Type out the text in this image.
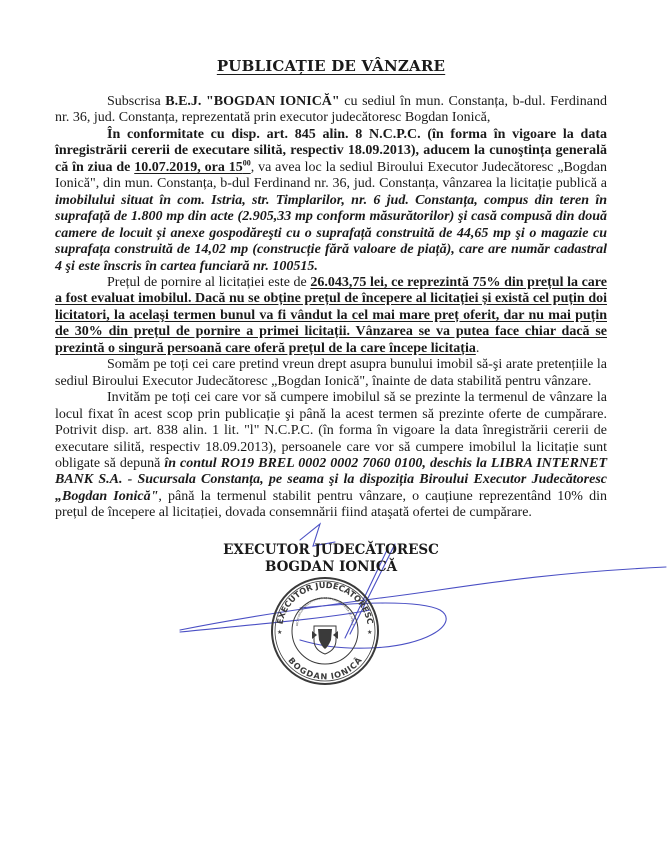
PUBLICAȚIE DE VÂNZARE

Subscrisa B.E.J. "BOGDAN IONICĂ" cu sediul în mun. Constanța, b-dul. Ferdinand nr. 36, jud. Constanța, reprezentată prin executor judecătoresc Bogdan Ionică,

În conformitate cu disp. art. 845 alin. 8 N.C.P.C. (în forma în vigoare la data înregistrării cererii de executare silită, respectiv 18.09.2013), aducem la cunoştința generală că în ziua de 10.07.2019, ora $15^{00}$, va avea loc la sediul Biroului Executor Judecătoresc „Bogdan Ionică", din mun. Constanța, b-dul Ferdinand nr. 36, jud. Constanța, vânzarea la licitație publică a imobilului situat în com. Istria, str. Timplarilor, nr. 6 jud. Constanța, compus din teren în suprafață de 1.800 mp din acte (2.905,33 mp conform măsurătorilor) şi casă compusă din două camere de locuit și anexe gospodăreşti cu o suprafață construită de 44,65 mp şi o magazie cu suprafața construită de 14,02 mp (construcție fără valoare de piață), care are număr cadastral 4 şi este înscris în cartea funciară nr. 100515.

Prețul de pornire al licitației este de 26.043,75 lei, ce reprezintă 75% din prețul la care a fost evaluat imobilul. Dacă nu se obține prețul de începere al licitației și există cel puțin doi licitatori, la acelaşi termen bunul va fi vândut la cel mai mare preț oferit, dar nu mai puțin de 30% din prețul de pornire a primei licitații. Vânzarea se va putea face chiar dacă se prezintă o singură persoană care oferă prețul de la care începe licitația.

Somăm pe toți cei care pretind vreun drept asupra bunului imobil să-şi arate pretențiile la sediul Biroului Executor Judecătoresc „Bogdan Ionică", înainte de data stabilită pentru vânzare.

Invităm pe toți cei care vor să cumpere imobilul să se prezinte la termenul de vânzare la locul fixat în acest scop prin publicație şi până la acest termen să prezinte oferte de cumpărare. Potrivit disp. art. 838 alin. 1 lit. "l" N.C.P.C. (în forma în vigoare la data înregistrării cererii de executare silită, respectiv 18.09.2013), persoanele care vor să cumpere imobilul la licitație sunt obligate să depună în contul RO19 BREL 0002 0002 7060 0100, deschis la LIBRA INTERNET BANK S.A. - Sucursala Constanța, pe seama şi la dispoziția Biroului Executor Judecătoresc „Bogdan Ionică", până la termenul stabilit pentru vânzare, o cauțiune reprezentând 10% din prețul de începere al licitației, dovada consemnării fiind ataşată ofertei de cumpărare.

EXECUTOR JUDECĂTORESC
BOGDAN IONICĂ
EXECUTOR JUDECĂTORESC
BOGDAN IONICĂ
XECUTORILOR JUDECĂTOREȘTI DE PE LÂNGĂ CURTEA DE APEL C
★	★
